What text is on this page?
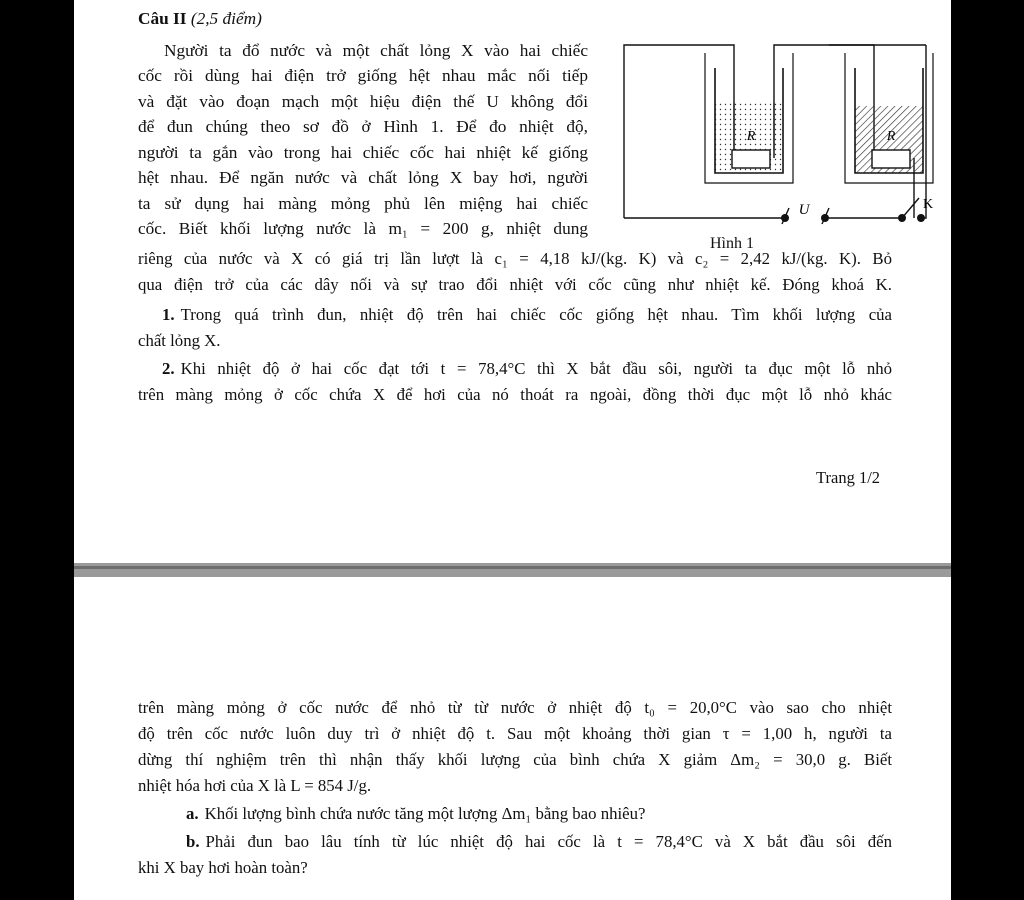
Câu II (2,5 điểm)
Người ta đổ nước và một chất lỏng X vào hai chiếc
cốc rồi dùng hai điện trở giống hệt nhau mắc nối tiếp
và đặt vào đoạn mạch một hiệu điện thế U không đổi
để đun chúng theo sơ đồ ở Hình 1. Để đo nhiệt độ,
người ta gắn vào trong hai chiếc cốc hai nhiệt kế giống
hệt nhau. Để ngăn nước và chất lỏng X bay hơi, người
ta sử dụng hai màng mỏng phủ lên miệng hai chiếc
cốc. Biết khối lượng nước là m₁ = 200 g, nhiệt dung
riêng của nước và X có giá trị lần lượt là c₁ = 4,18 kJ/(kg. K) và c₂ = 2,42 kJ/(kg. K). Bỏ
qua điện trở của các dây nối và sự trao đổi nhiệt với cốc cũng như nhiệt kế. Đóng khoá K.
1. Trong quá trình đun, nhiệt độ trên hai chiếc cốc giống hệt nhau. Tìm khối lượng của
chất lỏng X.
2. Khi nhiệt độ ở hai cốc đạt tới t = 78,4°C thì X bắt đầu sôi, người ta đục một lỗ nhỏ
trên màng mỏng ở cốc chứa X để hơi của nó thoát ra ngoài, đồng thời đục một lỗ nhỏ khác
Trang 1/2
R	R
U	K
Hình 1
trên màng mỏng ở cốc nước để nhỏ từ từ nước ở nhiệt độ t₀ = 20,0°C vào sao cho nhiệt
độ trên cốc nước luôn duy trì ở nhiệt độ t. Sau một khoảng thời gian τ = 1,00 h, người ta
dừng thí nghiệm trên thì nhận thấy khối lượng của bình chứa X giảm Δm₂ = 30,0 g. Biết
nhiệt hóa hơi của X là L = 854 J/g.
a. Khối lượng bình chứa nước tăng một lượng Δm₁ bằng bao nhiêu?
b. Phải đun bao lâu tính từ lúc nhiệt độ hai cốc là t = 78,4°C và X bắt đầu sôi đến
khi X bay hơi hoàn toàn?
